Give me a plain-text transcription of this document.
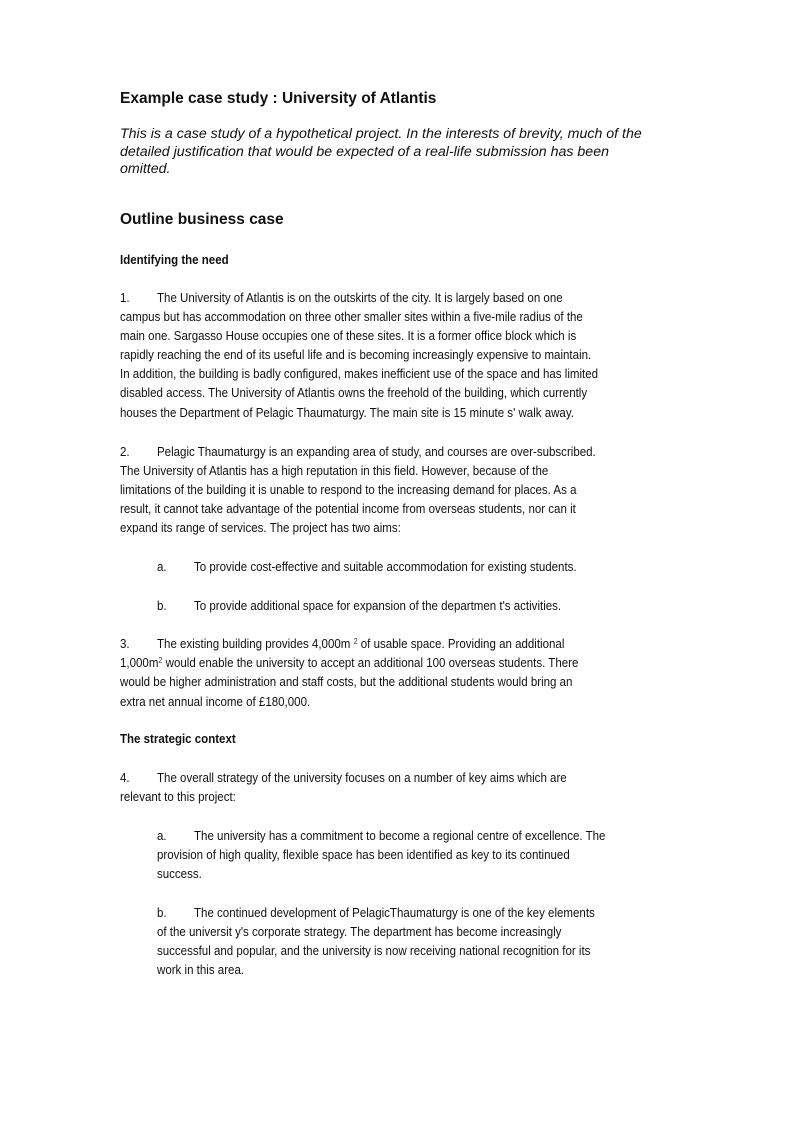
Example case study : University of Atlantis
This is a case study of a hypothetical project. In the interests of brevity, much of the
detailed justification that would be expected of a real-life submission has been
omitted.
Outline business case
Identifying the need
1. The University of Atlantis is on the outskirts of the city. It is largely based on one
campus but has accommodation on three other smaller sites within a five-mile radius of the
main one. Sargasso House occupies one of these sites. It is a former office block which is
rapidly reaching the end of its useful life and is becoming increasingly expensive to maintain.
In addition, the building is badly configured, makes inefficient use of the space and has limited
disabled access. The University of Atlantis owns the freehold of the building, which currently
houses the Department of Pelagic Thaumaturgy. The main site is 15 minute s' walk away.
2. Pelagic Thaumaturgy is an expanding area of study, and courses are over-subscribed.
The University of Atlantis has a high reputation in this field. However, because of the
limitations of the building it is unable to respond to the increasing demand for places. As a
result, it cannot take advantage of the potential income from overseas students, nor can it
expand its range of services. The project has two aims:
a. To provide cost-effective and suitable accommodation for existing students.
b. To provide additional space for expansion of the departmen t's activities.
3. The existing building provides 4,000m $^2$ of usable space. Providing an additional
$1,000m^2$ would enable the university to accept an additional 100 overseas students. There
would be higher administration and staff costs, but the additional students would bring an
extra net annual income of £180,000.
The strategic context
4. The overall strategy of the university focuses on a number of key aims which are
relevant to this project:
a. The university has a commitment to become a regional centre of excellence. The
provision of high quality, flexible space has been identified as key to its continued
success.
b. The continued development of PelagicThaumaturgy is one of the key elements
of the universit y's corporate strategy. The department has become increasingly
successful and popular, and the university is now receiving national recognition for its
work in this area.
